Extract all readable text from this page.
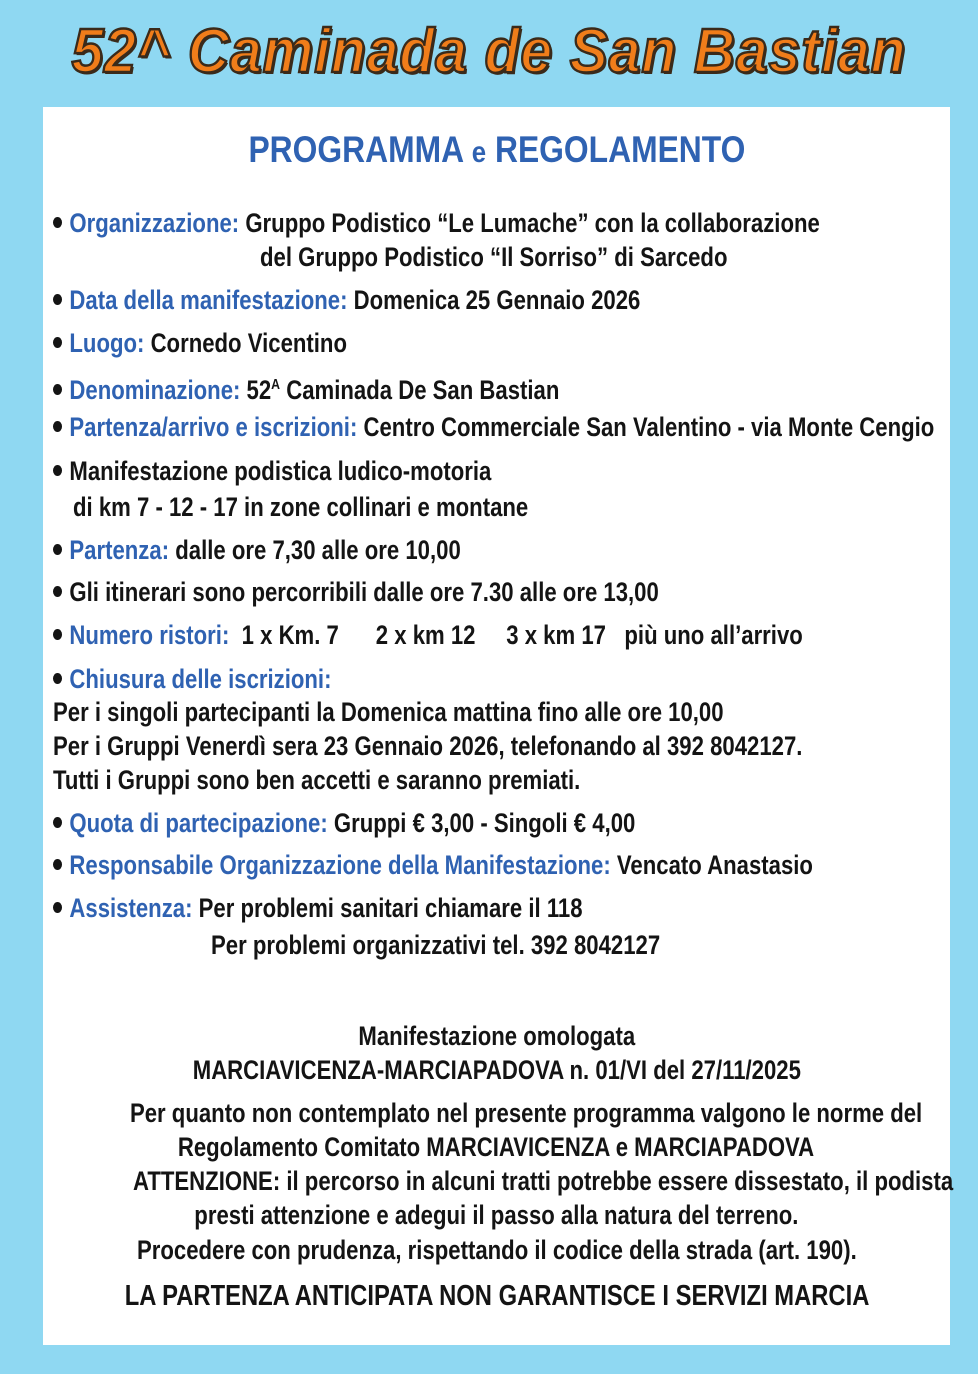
52^ Caminada de San Bastian
PROGRAMMA e REGOLAMENTO
Organizzazione: Gruppo Podistico “Le Lumache” con la collaborazione
del Gruppo Podistico “Il Sorriso” di Sarcedo
Data della manifestazione: Domenica 25 Gennaio 2026
Luogo: Cornedo Vicentino
Denominazione: $52^A$ Caminada De San Bastian
Partenza/arrivo e iscrizioni: Centro Commerciale San Valentino - via Monte Cengio
Manifestazione podistica ludico-motoria
di km 7 - 12 - 17 in zone collinari e montane
Partenza: dalle ore 7,30 alle ore 10,00
Gli itinerari sono percorribili dalle ore 7.30 alle ore 13,00
Numero ristori: 1 x Km. 7 2 x km 12 3 x km 17 più uno all’arrivo
Chiusura delle iscrizioni:
Per i singoli partecipanti la Domenica mattina fino alle ore 10,00
Per i Gruppi Venerdì sera 23 Gennaio 2026, telefonando al 392 8042127.
Tutti i Gruppi sono ben accetti e saranno premiati.
Quota di partecipazione: Gruppi € 3,00 - Singoli € 4,00
Responsabile Organizzazione della Manifestazione: Vencato Anastasio
Assistenza: Per problemi sanitari chiamare il 118
Per problemi organizzativi tel. 392 8042127
Manifestazione omologata
MARCIAVICENZA-MARCIAPADOVA n. 01/VI del 27/11/2025
Per quanto non contemplato nel presente programma valgono le norme del
Regolamento Comitato MARCIAVICENZA e MARCIAPADOVA
ATTENZIONE: il percorso in alcuni tratti potrebbe essere dissestato, il podista
presti attenzione e adegui il passo alla natura del terreno.
Procedere con prudenza, rispettando il codice della strada (art. 190).
LA PARTENZA ANTICIPATA NON GARANTISCE I SERVIZI MARCIA
